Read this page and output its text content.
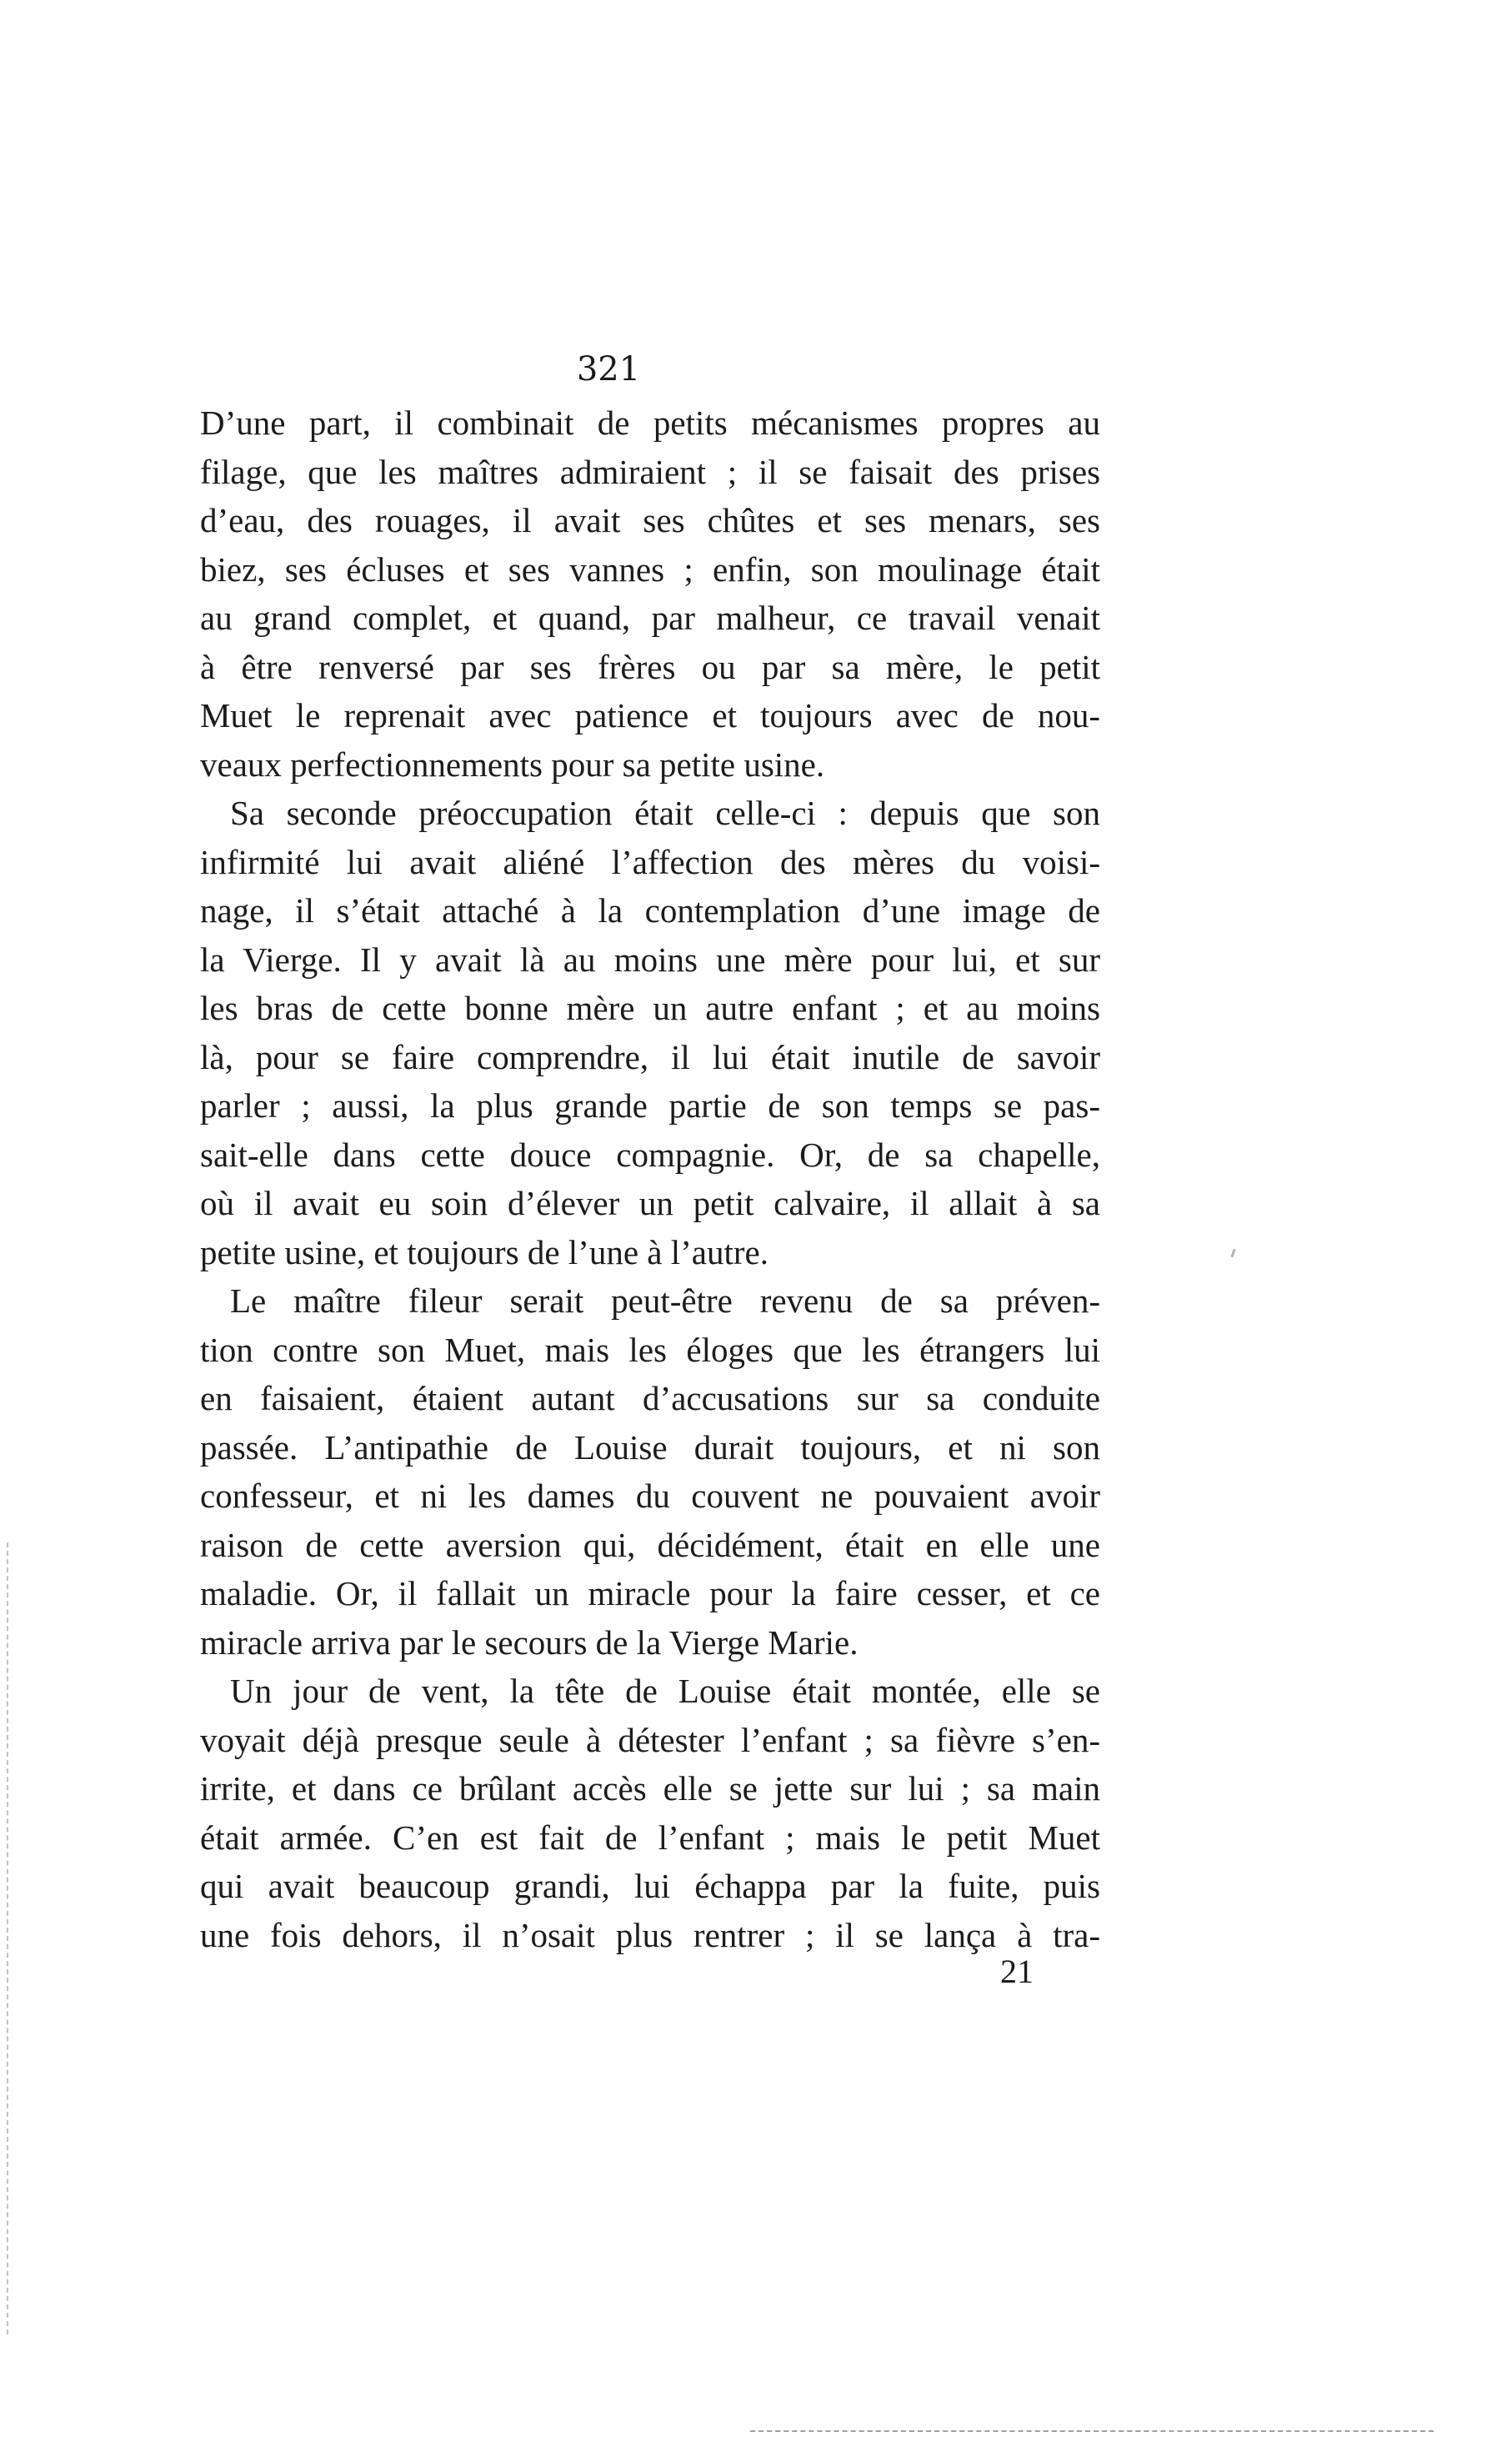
321
D’une part, il combinait de petits mécanismes propres au
filage, que les maîtres admiraient ; il se faisait des prises
d’eau, des rouages, il avait ses chûtes et ses menars, ses
biez, ses écluses et ses vannes ; enfin, son moulinage était
au grand complet, et quand, par malheur, ce travail venait
à être renversé par ses frères ou par sa mère, le petit
Muet le reprenait avec patience et toujours avec de nou-
veaux perfectionnements pour sa petite usine.
Sa seconde préoccupation était celle-ci : depuis que son
infirmité lui avait aliéné l’affection des mères du voisi-
nage, il s’était attaché à la contemplation d’une image de
la Vierge. Il y avait là au moins une mère pour lui, et sur
les bras de cette bonne mère un autre enfant ; et au moins
là, pour se faire comprendre, il lui était inutile de savoir
parler ; aussi, la plus grande partie de son temps se pas-
sait-elle dans cette douce compagnie. Or, de sa chapelle,
où il avait eu soin d’élever un petit calvaire, il allait à sa
petite usine, et toujours de l’une à l’autre.
Le maître fileur serait peut-être revenu de sa préven-
tion contre son Muet, mais les éloges que les étrangers lui
en faisaient, étaient autant d’accusations sur sa conduite
passée. L’antipathie de Louise durait toujours, et ni son
confesseur, et ni les dames du couvent ne pouvaient avoir
raison de cette aversion qui, décidément, était en elle une
maladie. Or, il fallait un miracle pour la faire cesser, et ce
miracle arriva par le secours de la Vierge Marie.
Un jour de vent, la tête de Louise était montée, elle se
voyait déjà presque seule à détester l’enfant ; sa fièvre s’en-
irrite, et dans ce brûlant accès elle se jette sur lui ; sa main
était armée. C’en est fait de l’enfant ; mais le petit Muet
qui avait beaucoup grandi, lui échappa par la fuite, puis
une fois dehors, il n’osait plus rentrer ; il se lança à tra-
21
